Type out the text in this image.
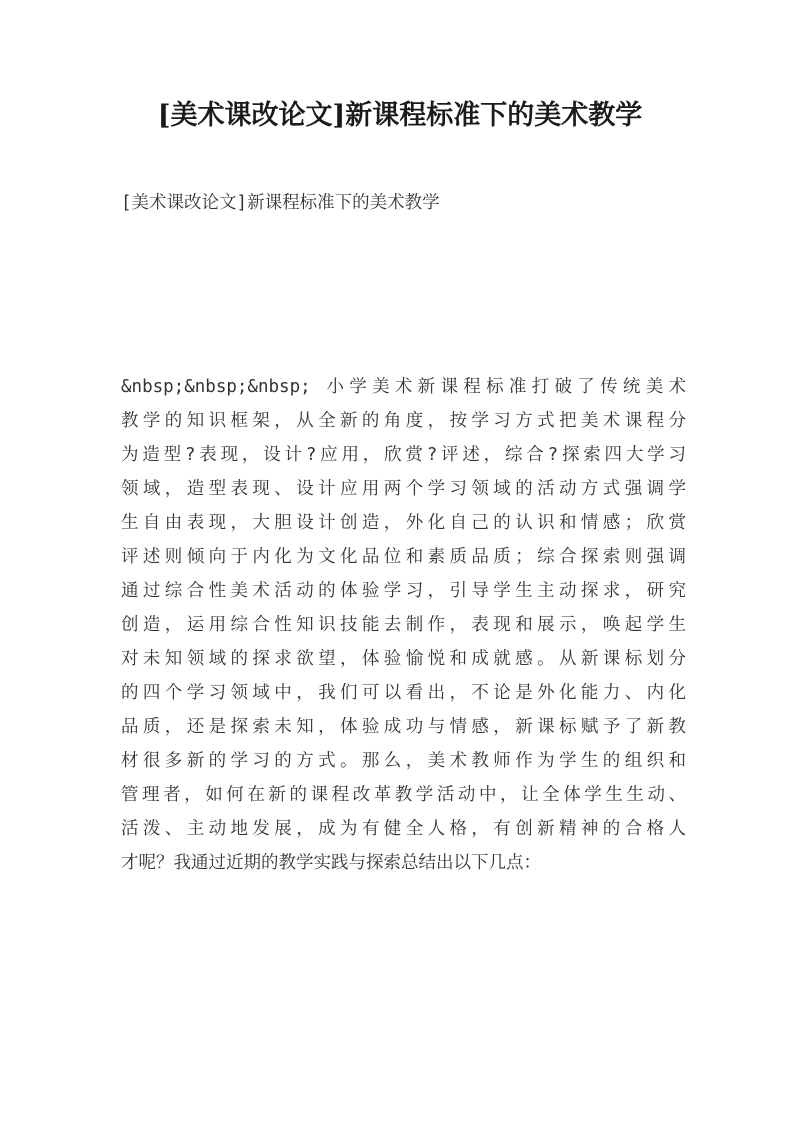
[美术课改论文]新课程标准下的美术教学

[美术课改论文]新课程标准下的美术教学

&nbsp;&nbsp;&nbsp; 小学美术新课程标准打破了传统美术
教学的知识框架，从全新的角度，按学习方式把美术课程分
为造型?表现，设计?应用，欣赏?评述，综合?探索四大学习
领域，造型表现、设计应用两个学习领域的活动方式强调学
生自由表现，大胆设计创造，外化自己的认识和情感；欣赏
评述则倾向于内化为文化品位和素质品质；综合探索则强调
通过综合性美术活动的体验学习，引导学生主动探求，研究
创造，运用综合性知识技能去制作，表现和展示，唤起学生
对未知领域的探求欲望，体验愉悦和成就感。从新课标划分
的四个学习领域中，我们可以看出，不论是外化能力、内化
品质，还是探索未知，体验成功与情感，新课标赋予了新教
材很多新的学习的方式。那么，美术教师作为学生的组织和
管理者，如何在新的课程改革教学活动中，让全体学生生动、
活泼、主动地发展，成为有健全人格，有创新精神的合格人
才呢？我通过近期的教学实践与探索总结出以下几点：
